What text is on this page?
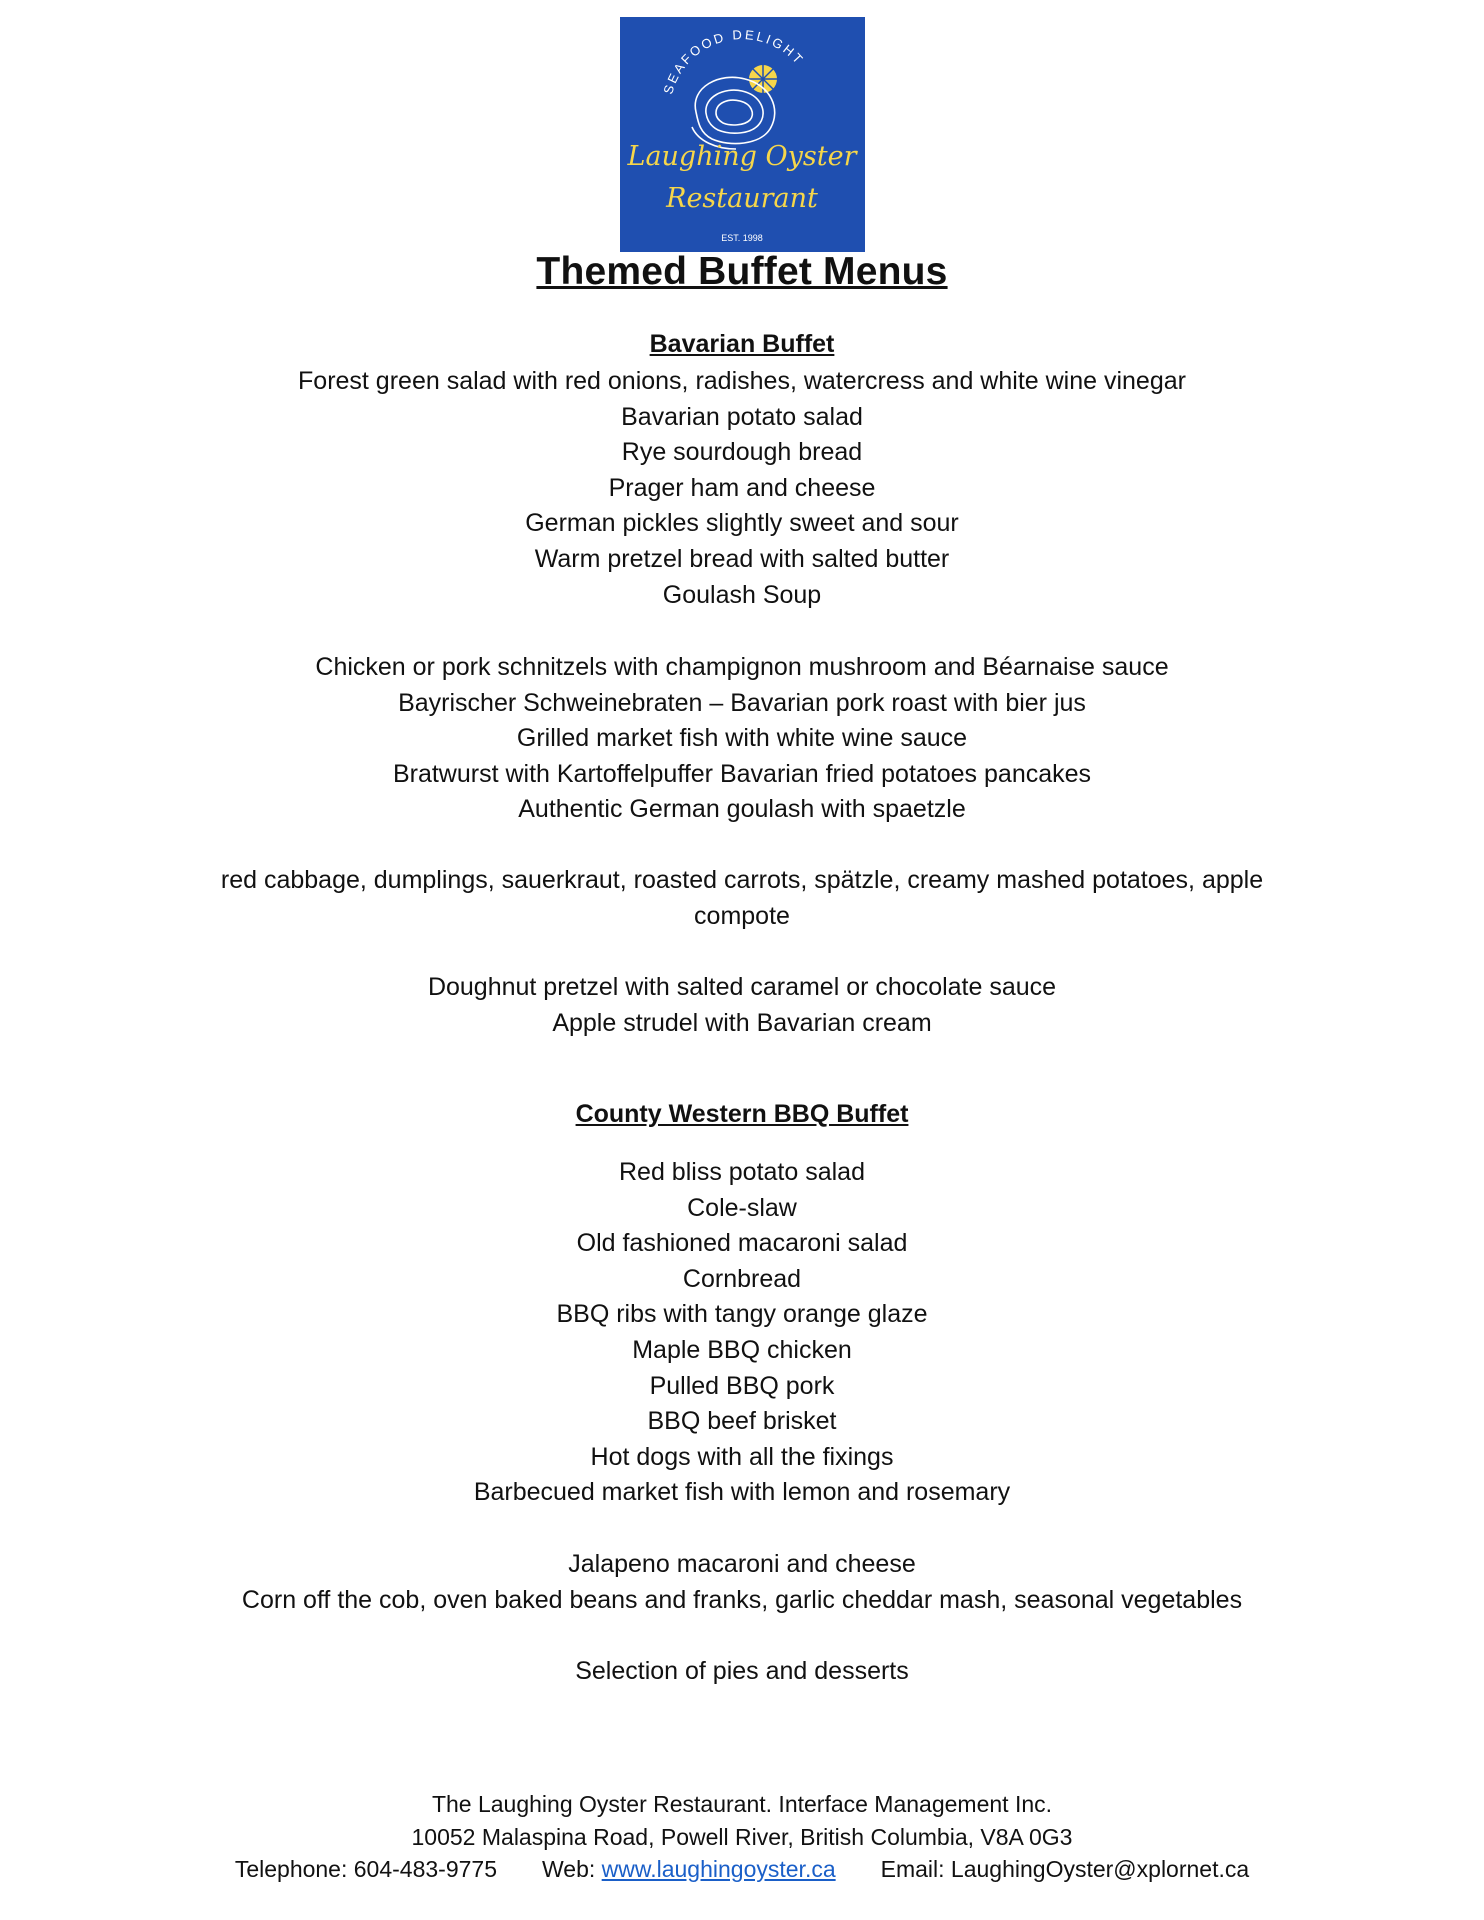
SEAFOOD DELIGHT
Laughing Oyster
Restaurant
EST. 1998
Themed Buffet Menus
Bavarian Buffet
Forest green salad with red onions, radishes, watercress and white wine vinegar
Bavarian potato salad
Rye sourdough bread
Prager ham and cheese
German pickles slightly sweet and sour
Warm pretzel bread with salted butter
Goulash Soup
Chicken or pork schnitzels with champignon mushroom and Béarnaise sauce
Bayrischer Schweinebraten – Bavarian pork roast with bier jus
Grilled market fish with white wine sauce
Bratwurst with Kartoffelpuffer Bavarian fried potatoes pancakes
Authentic German goulash with spaetzle
red cabbage, dumplings, sauerkraut, roasted carrots, spätzle, creamy mashed potatoes, apple compote
Doughnut pretzel with salted caramel or chocolate sauce
Apple strudel with Bavarian cream
County Western BBQ Buffet
Red bliss potato salad
Cole-slaw
Old fashioned macaroni salad
Cornbread
BBQ ribs with tangy orange glaze
Maple BBQ chicken
Pulled BBQ pork
BBQ beef brisket
Hot dogs with all the fixings
Barbecued market fish with lemon and rosemary
Jalapeno macaroni and cheese
Corn off the cob, oven baked beans and franks, garlic cheddar mash, seasonal vegetables
Selection of pies and desserts
The Laughing Oyster Restaurant. Interface Management Inc.
10052 Malaspina Road, Powell River, British Columbia, V8A 0G3
Telephone: 604-483-9775 Web: www.laughingoyster.ca Email: LaughingOyster@xplornet.ca
